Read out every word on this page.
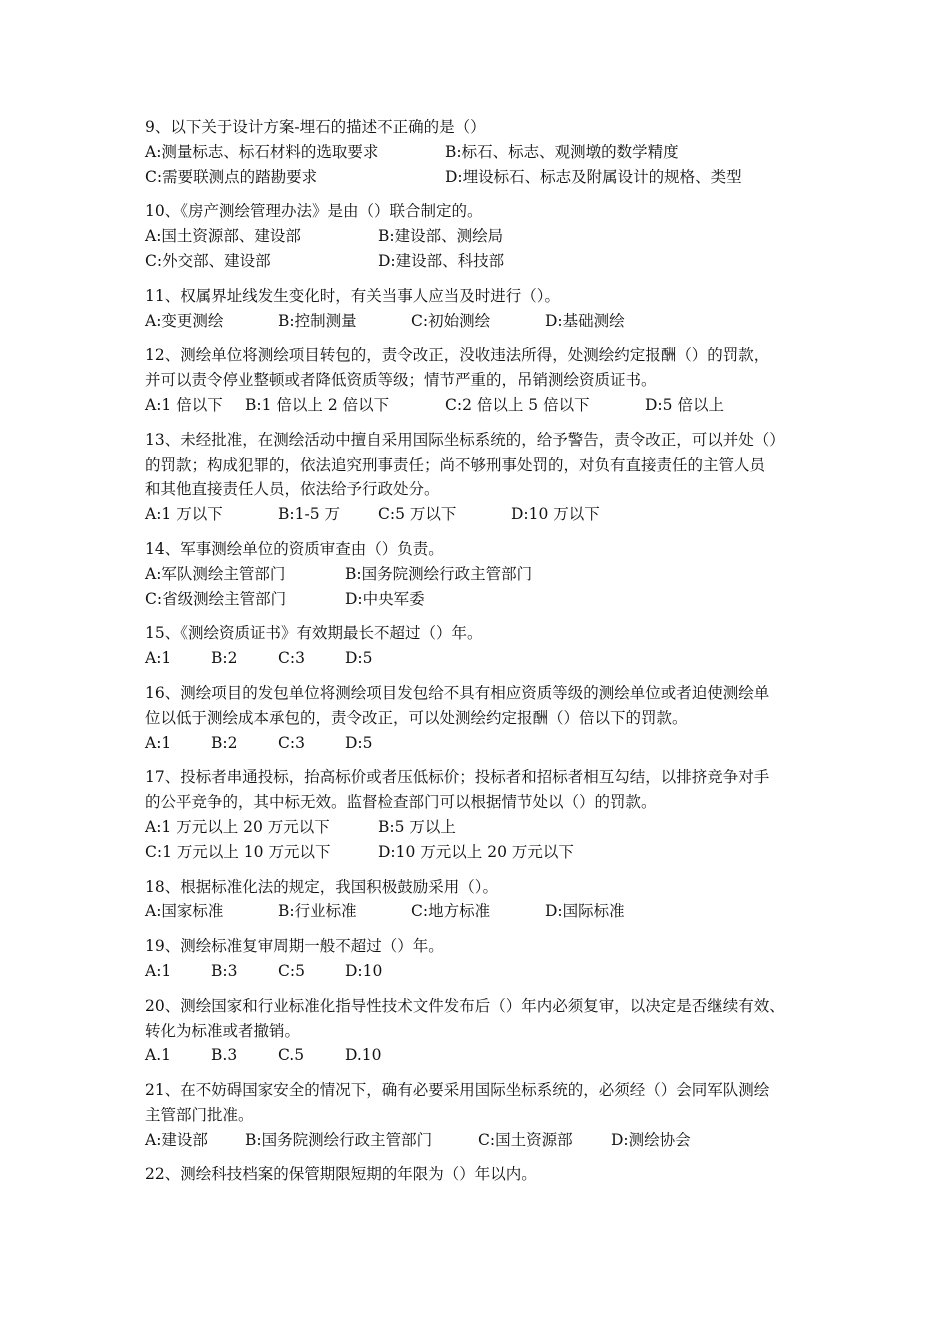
9、以下关于设计方案-埋石的描述不正确的是（）
A:测量标志、标石材料的选取要求	B:标石、标志、观测墩的数学精度
C:需要联测点的踏勘要求	D:埋设标石、标志及附属设计的规格、类型
10、《房产测绘管理办法》是由（）联合制定的。
A:国土资源部、建设部	B:建设部、测绘局
C:外交部、建设部	D:建设部、科技部
11、权属界址线发生变化时，有关当事人应当及时进行（）。
A:变更测绘	B:控制测量	C:初始测绘	D:基础测绘
12、测绘单位将测绘项目转包的，责令改正，没收违法所得，处测绘约定报酬（）的罚款，
并可以责令停业整顿或者降低资质等级；情节严重的，吊销测绘资质证书。
A:1 倍以下 B:1 倍以上 2 倍以下	C:2 倍以上 5 倍以下	D:5 倍以上
13、未经批准，在测绘活动中擅自采用国际坐标系统的，给予警告，责令改正，可以并处（）
的罚款；构成犯罪的，依法追究刑事责任；尚不够刑事处罚的，对负有直接责任的主管人员
和其他直接责任人员，依法给予行政处分。
A:1 万以下	B:1-5 万 C:5 万以下	D:10 万以下
14、军事测绘单位的资质审查由（）负责。
A:军队测绘主管部门	B:国务院测绘行政主管部门
C:省级测绘主管部门	D:中央军委
15、《测绘资质证书》有效期最长不超过（）年。
A:1	B:2	C:3	D:5
16、测绘项目的发包单位将测绘项目发包给不具有相应资质等级的测绘单位或者迫使测绘单
位以低于测绘成本承包的，责令改正，可以处测绘约定报酬（）倍以下的罚款。
A:1	B:2	C:3	D:5
17、投标者串通投标，抬高标价或者压低标价；投标者和招标者相互勾结，以排挤竞争对手
的公平竞争的，其中标无效。监督检查部门可以根据情节处以（）的罚款。
A:1 万元以上 20 万元以下	B:5 万以上
C:1 万元以上 10 万元以下	D:10 万元以上 20 万元以下
18、根据标准化法的规定，我国积极鼓励采用（）。
A:国家标准	B:行业标准	C:地方标准	D:国际标准
19、测绘标准复审周期一般不超过（）年。
A:1	B:3	C:5	D:10
20、测绘国家和行业标准化指导性技术文件发布后（）年内必须复审，以决定是否继续有效、
转化为标准或者撤销。
A.1	B.3	C.5	D.10
21、在不妨碍国家安全的情况下，确有必要采用国际坐标系统的，必须经（）会同军队测绘
主管部门批准。
A:建设部 B:国务院测绘行政主管部门	C:国土资源部 D:测绘协会
22、测绘科技档案的保管期限短期的年限为（）年以内。
